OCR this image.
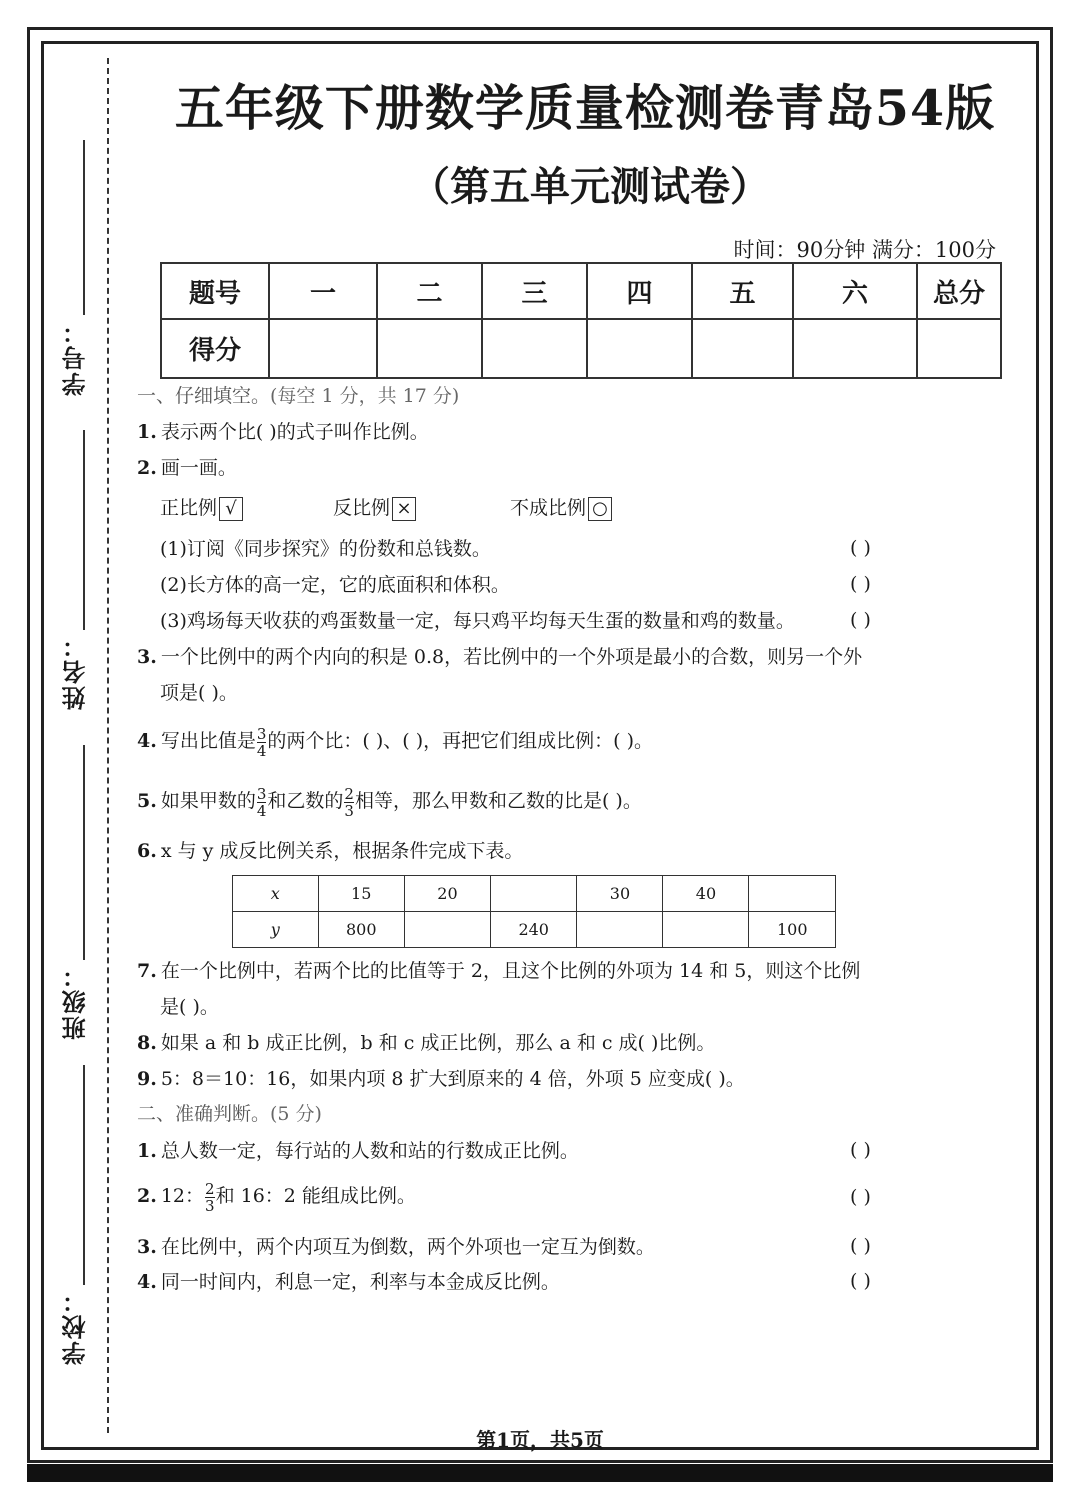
学号：
姓名：
班级：
学校：
五年级下册数学质量检测卷青岛54版
（第五单元测试卷）
时间：90分钟 满分：100分
题号	一	二	三	四	五	六	总分
得分							
一、仔细填空。(每空 1 分，共 17 分)
1. 表示两个比( )的式子叫作比例。
2. 画一画。
正比例 √	反比例 ×	不成比例 ○
(1)订阅《同步探究》的份数和总钱数。	( )
(2)长方体的高一定，它的底面积和体积。	( )
(3)鸡场每天收获的鸡蛋数量一定，每只鸡平均每天生蛋的数量和鸡的数量。	( )
3. 一个比例中的两个内向的积是 0.8，若比例中的一个外项是最小的合数，则另一个外
项是( )。
4. 写出比值是 $\frac{3}{4}$ 的两个比：( )、( )，再把它们组成比例：( )。
5. 如果甲数的 $\frac{3}{4}$ 和乙数的 $\frac{2}{3}$ 相等，那么甲数和乙数的比是( )。
6. x 与 y 成反比例关系，根据条件完成下表。
x	15	20		30	40	
y	800		240			100
7. 在一个比例中，若两个比的比值等于 2，且这个比例的外项为 14 和 5，则这个比例
是( )。
8. 如果 a 和 b 成正比例，b 和 c 成正比例，那么 a 和 c 成( )比例。
9. 5：8＝10：16，如果内项 8 扩大到原来的 4 倍，外项 5 应变成( )。
二、准确判断。(5 分)
1. 总人数一定，每行站的人数和站的行数成正比例。	( )
2. 12： $\frac{2}{3}$ 和 16：2 能组成比例。	( )
3. 在比例中，两个内项互为倒数，两个外项也一定互为倒数。	( )
4. 同一时间内，利息一定，利率与本金成反比例。	( )
第1页，共5页
